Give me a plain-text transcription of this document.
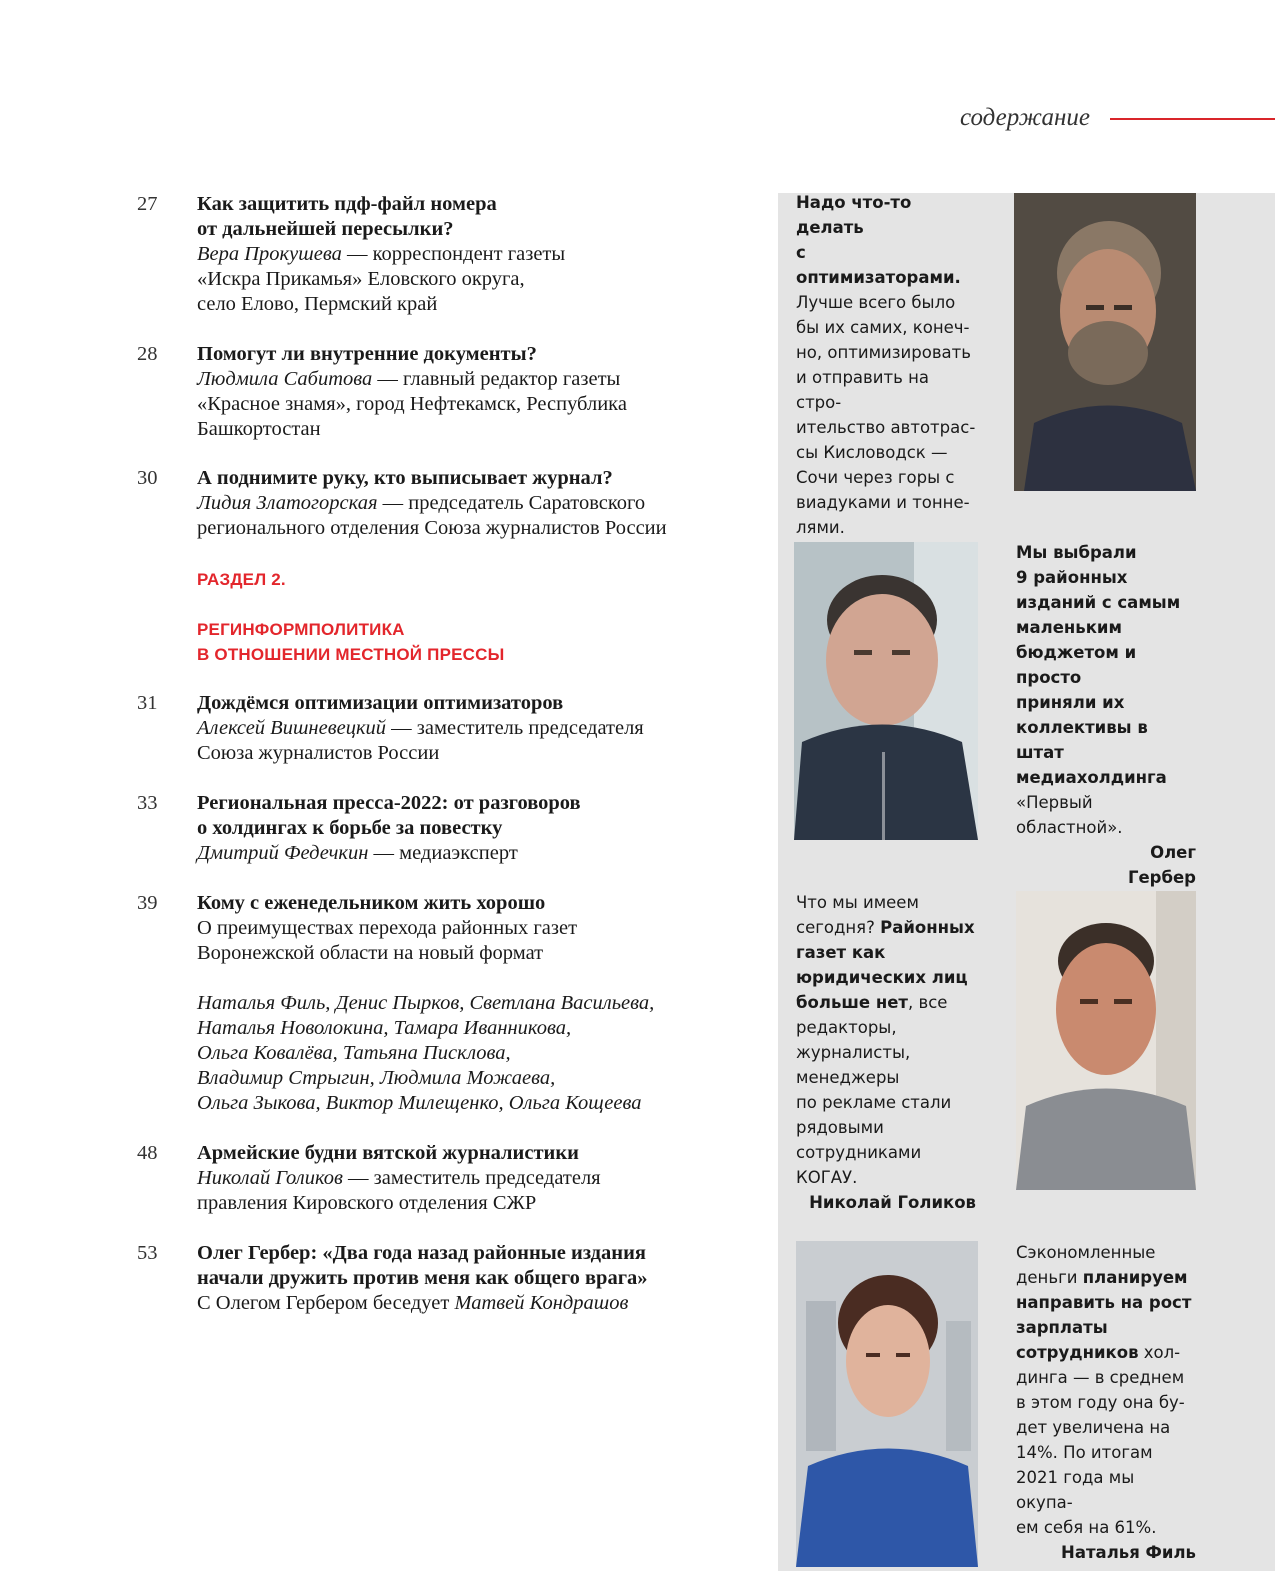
содержание
27	Как защитить пдф-файл номера
от дальнейшей пересылки?
Вера Прокушева — корреспондент газеты
«Искра Прикамья» Еловского округа,
село Елово, Пермский край
28	Помогут ли внутренние документы?
Людмила Сабитова — главный редактор газеты
«Красное знамя», город Нефтекамск, Республика
Башкортостан
30	А поднимите руку, кто выписывает журнал?
Лидия Златогорская — председатель Саратовского
регионального отделения Союза журналистов России
РАЗДЕЛ 2.
РЕГИНФОРМПОЛИТИКА
В ОТНОШЕНИИ МЕСТНОЙ ПРЕССЫ
31	Дождёмся оптимизации оптимизаторов
Алексей Вишневецкий — заместитель председателя
Союза журналистов России
33	Региональная пресса-2022: от разговоров
о холдингах к борьбе за повестку
Дмитрий Федечкин — медиаэксперт
39	Кому с еженедельником жить хорошо
О преимуществах перехода районных газет
Воронежской области на новый формат
Наталья Филь, Денис Пырков, Светлана Васильева,
Наталья Новолокина, Тамара Иванникова,
Ольга Ковалёва, Татьяна Писклова,
Владимир Стрыгин, Людмила Можаева,
Ольга Зыкова, Виктор Милещенко, Ольга Кощеева
48	Армейские будни вятской журналистики
Николай Голиков — заместитель председателя
правления Кировского отделения СЖР
53	Олег Гербер: «Два года назад районные издания
начали дружить против меня как общего врага»
С Олегом Гербером беседует Матвей Кондрашов
Надо что-то делать
с оптимизаторами.
Лучше всего было
бы их самих, конеч-
но, оптимизировать
и отправить на стро-
ительство автотрас-
сы Кисловодск —
Сочи через горы с
виадуками и тонне-
лями.
Мы выбрали
9 районных
изданий с самым
маленьким
бюджетом и просто
приняли их
коллективы в штат
медиахолдинга
«Первый
областной».
Олег
Гербер
Что мы имеем
сегодня? Районных
газет как
юридических лиц
больше нет, все
редакторы,
журналисты,
менеджеры
по рекламе стали
рядовыми
сотрудниками
КОГАУ.
Николай Голиков
Сэкономленные
деньги планируем
направить на рост
зарплаты
сотрудников хол-
динга — в среднем
в этом году она бу-
дет увеличена на
14%. По итогам
2021 года мы окупа-
ем себя на 61%.
Наталья Филь
